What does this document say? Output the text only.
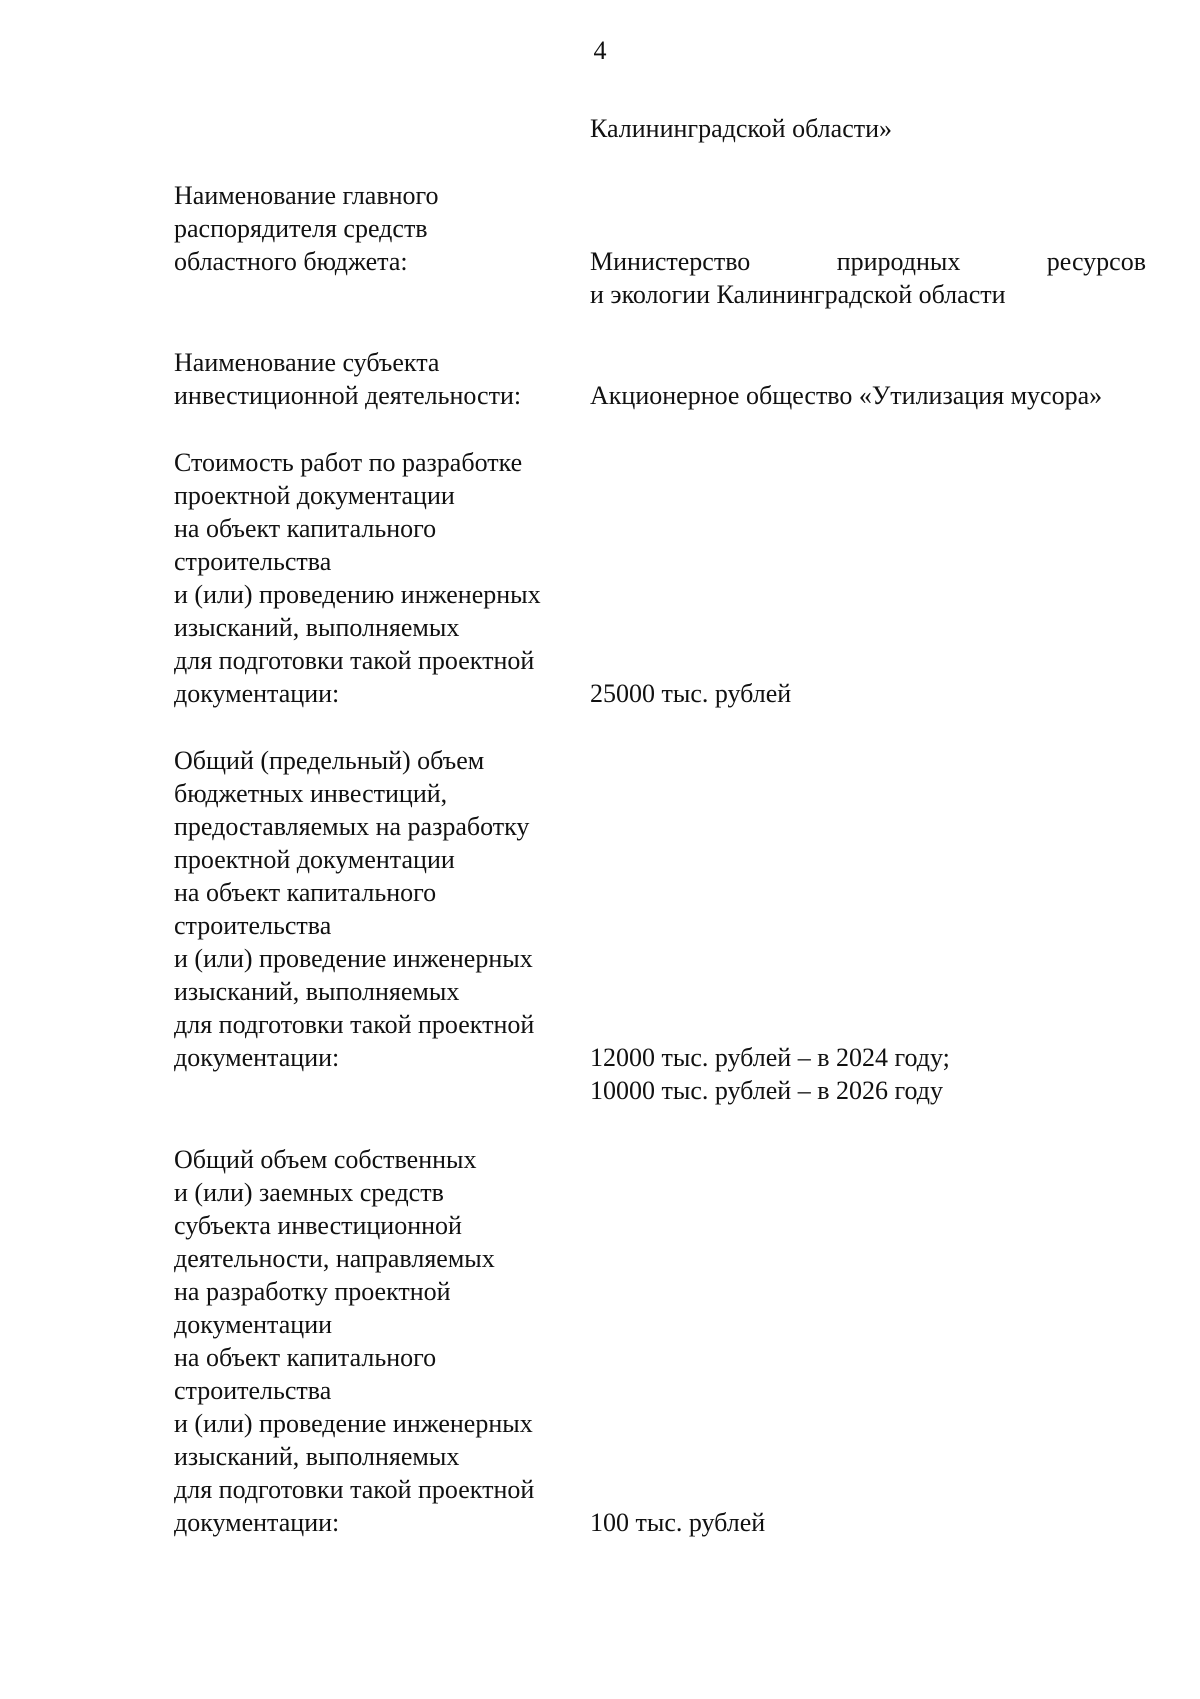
4
Калининградской области»
Наименование главного
распорядителя средств
областного бюджета:	Министерство	природных	ресурсов
и экологии Калининградской области
Наименование субъекта
инвестиционной деятельности:	Акционерное общество «Утилизация мусора»
Стоимость работ по разработке
проектной документации
на объект капитального
строительства
и (или) проведению инженерных
изысканий, выполняемых
для подготовки такой проектной
документации:	25000 тыс. рублей
Общий (предельный) объем
бюджетных инвестиций,
предоставляемых на разработку
проектной документации
на объект капитального
строительства
и (или) проведение инженерных
изысканий, выполняемых
для подготовки такой проектной
документации:	12000 тыс. рублей – в 2024 году;
10000 тыс. рублей – в 2026 году
Общий объем собственных
и (или) заемных средств
субъекта инвестиционной
деятельности, направляемых
на разработку проектной
документации
на объект капитального
строительства
и (или) проведение инженерных
изысканий, выполняемых
для подготовки такой проектной
документации:	100 тыс. рублей
